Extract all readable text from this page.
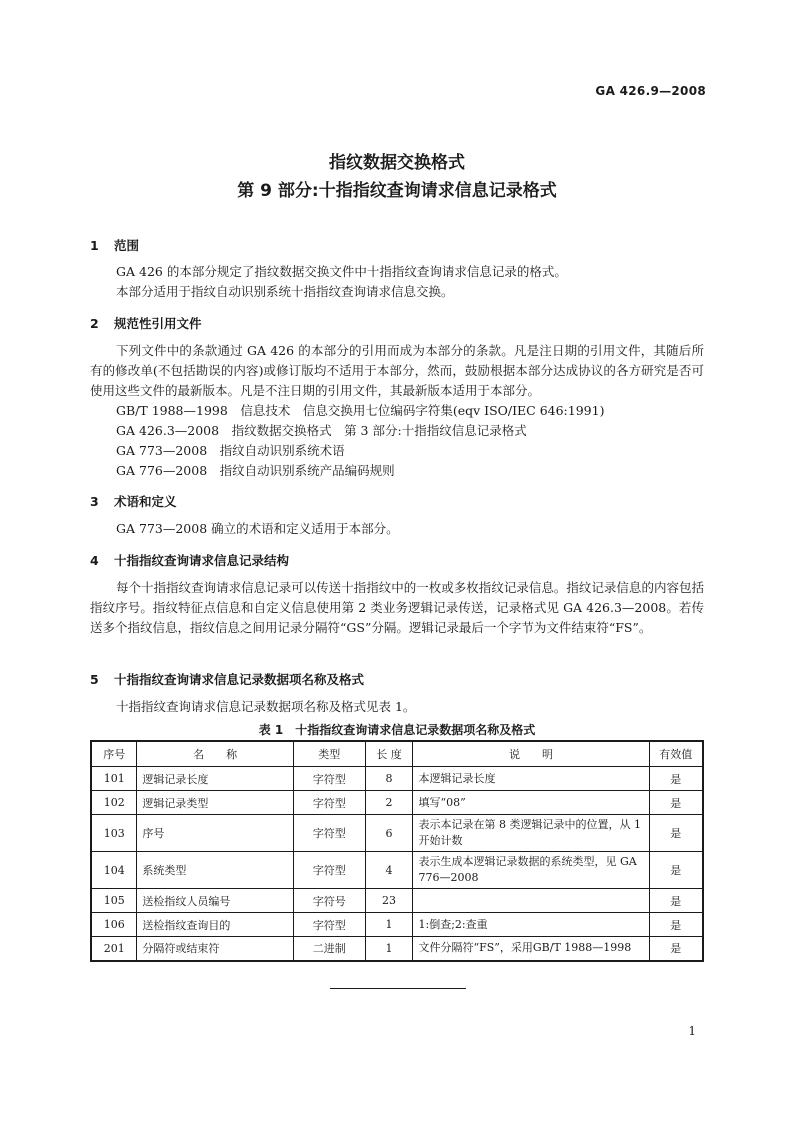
GA 426.9—2008
指纹数据交换格式
第 9 部分:十指指纹查询请求信息记录格式
1 范围
GA 426 的本部分规定了指纹数据交换文件中十指指纹查询请求信息记录的格式。
本部分适用于指纹自动识别系统十指指纹查询请求信息交换。
2 规范性引用文件
下列文件中的条款通过 GA 426 的本部分的引用而成为本部分的条款。凡是注日期的引用文件，其随后所有的修改单(不包括勘误的内容)或修订版均不适用于本部分，然而，鼓励根据本部分达成协议的各方研究是否可使用这些文件的最新版本。凡是不注日期的引用文件，其最新版本适用于本部分。
GB/T 1988—1998　信息技术　信息交换用七位编码字符集(eqv ISO/IEC 646:1991)
GA 426.3—2008　指纹数据交换格式　第 3 部分:十指指纹信息记录格式
GA 773—2008　指纹自动识别系统术语
GA 776—2008　指纹自动识别系统产品编码规则
3 术语和定义
GA 773—2008 确立的术语和定义适用于本部分。
4 十指指纹查询请求信息记录结构
每个十指指纹查询请求信息记录可以传送十指指纹中的一枚或多枚指纹记录信息。指纹记录信息的内容包括指纹序号。指纹特征点信息和自定义信息使用第 2 类业务逻辑记录传送，记录格式见 GA 426.3—2008。若传送多个指纹信息，指纹信息之间用记录分隔符“GS”分隔。逻辑记录最后一个字节为文件结束符“FS”。
5 十指指纹查询请求信息记录数据项名称及格式
十指指纹查询请求信息记录数据项名称及格式见表 1。
表 1　十指指纹查询请求信息记录数据项名称及格式
序号	名　　称	类型	长 度	说　　明	有效值
101	逻辑记录长度	字符型	8	本逻辑记录长度	是
102	逻辑记录类型	字符型	2	填写“08”	是
103	序号	字符型	6	表示本记录在第 8 类逻辑记录中的位置，从 1 开始计数	是
104	系统类型	字符型	4	表示生成本逻辑记录数据的系统类型，见 GA 776—2008	是
105	送检指纹人员编号	字符号	23		是
106	送检指纹查询目的	字符型	1	1:倒查;2:查重	是
201	分隔符或结束符	二进制	1	文件分隔符“FS”，采用GB/T 1988—1998	是
1
